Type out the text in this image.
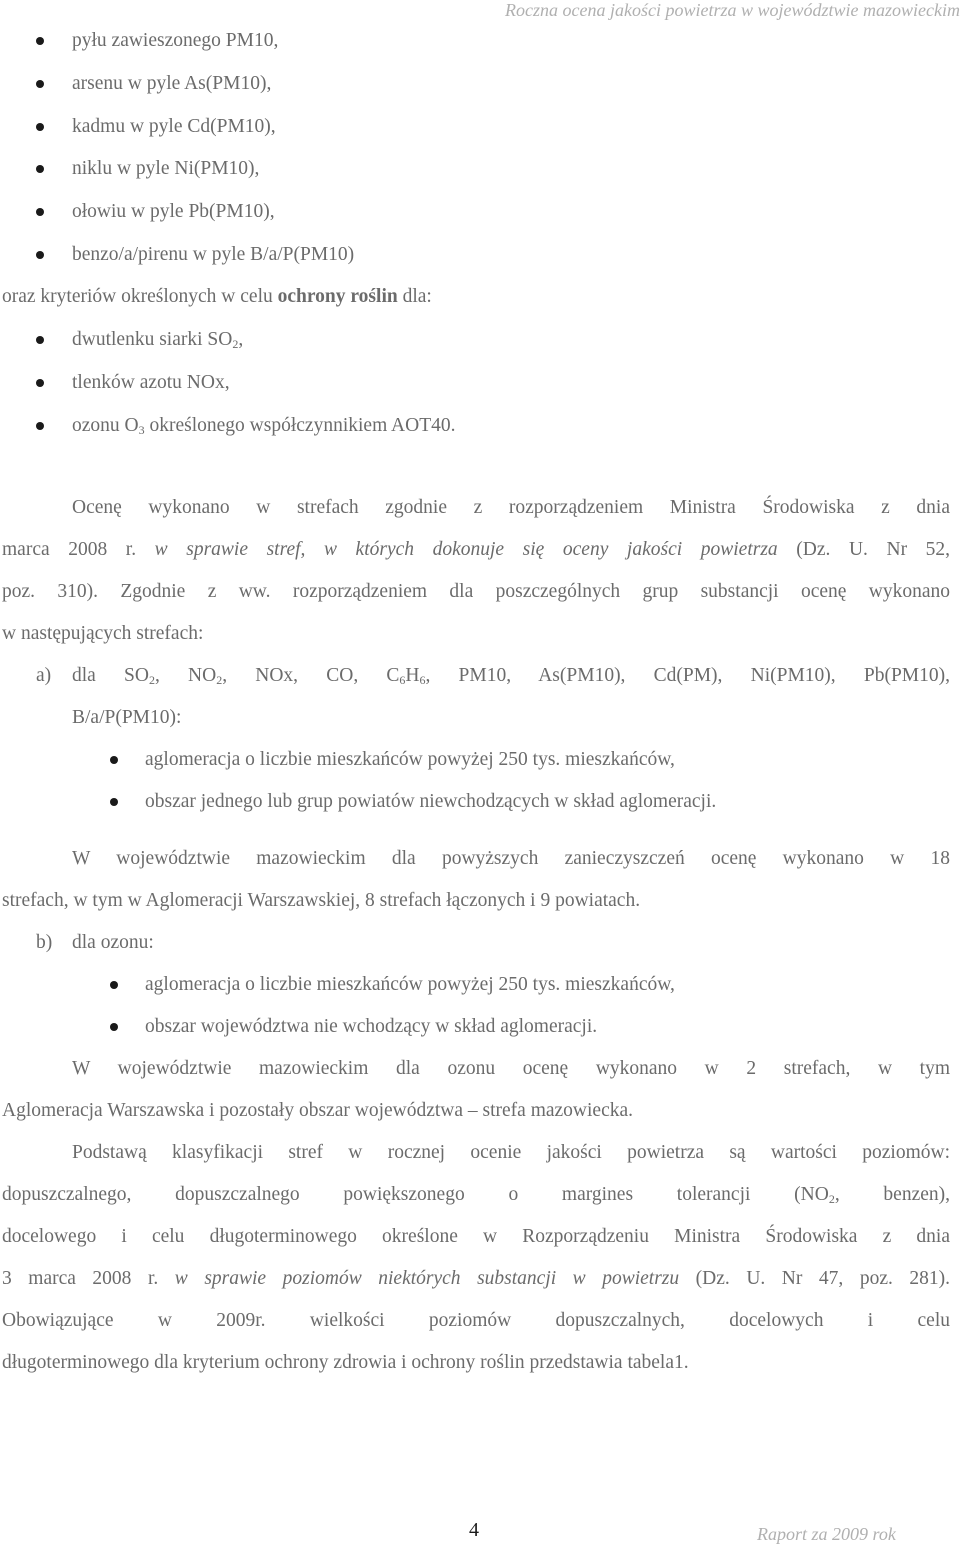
Roczna ocena jakości powietrza w województwie mazowieckim
pyłu zawieszonego PM10,
arsenu w pyle As(PM10),
kadmu w pyle Cd(PM10),
niklu w pyle Ni(PM10),
ołowiu w pyle Pb(PM10),
benzo/a/pirenu w pyle B/a/P(PM10)
oraz kryteriów określonych w celu ochrony roślin dla:
dwutlenku siarki $SO_2$,
tlenków azotu NOx,
ozonu $O_3$ określonego współczynnikiem AOT40.
Ocenę wykonano w strefach zgodnie z rozporządzeniem Ministra Środowiska z dnia
marca 2008 r. w sprawie stref, w których dokonuje się oceny jakości powietrza (Dz. U. Nr 52,
poz. 310). Zgodnie z ww. rozporządzeniem dla poszczególnych grup substancji ocenę wykonano
w następujących strefach:
a) dla $SO_2$, $NO_2$, NOx, CO, $C_6H_6$, PM10, As(PM10), Cd(PM), Ni(PM10), Pb(PM10),
B/a/P(PM10):
aglomeracja o liczbie mieszkańców powyżej 250 tys. mieszkańców,
obszar jednego lub grup powiatów niewchodzących w skład aglomeracji.
W województwie mazowieckim dla powyższych zanieczyszczeń ocenę wykonano w 18
strefach, w tym w Aglomeracji Warszawskiej, 8 strefach łączonych i 9 powiatach.
b) dla ozonu:
aglomeracja o liczbie mieszkańców powyżej 250 tys. mieszkańców,
obszar województwa nie wchodzący w skład aglomeracji.
W województwie mazowieckim dla ozonu ocenę wykonano w 2 strefach, w tym
Aglomeracja Warszawska i pozostały obszar województwa – strefa mazowiecka.
Podstawą klasyfikacji stref w rocznej ocenie jakości powietrza są wartości poziomów:
dopuszczalnego, dopuszczalnego powiększonego o margines tolerancji ($NO_2$, benzen),
docelowego i celu długoterminowego określone w Rozporządzeniu Ministra Środowiska z dnia
3 marca 2008 r. w sprawie poziomów niektórych substancji w powietrzu (Dz. U. Nr 47, poz. 281).
Obowiązujące w 2009r. wielkości poziomów dopuszczalnych, docelowych i celu
długoterminowego dla kryterium ochrony zdrowia i ochrony roślin przedstawia tabela1.
4	Raport za 2009 rok
